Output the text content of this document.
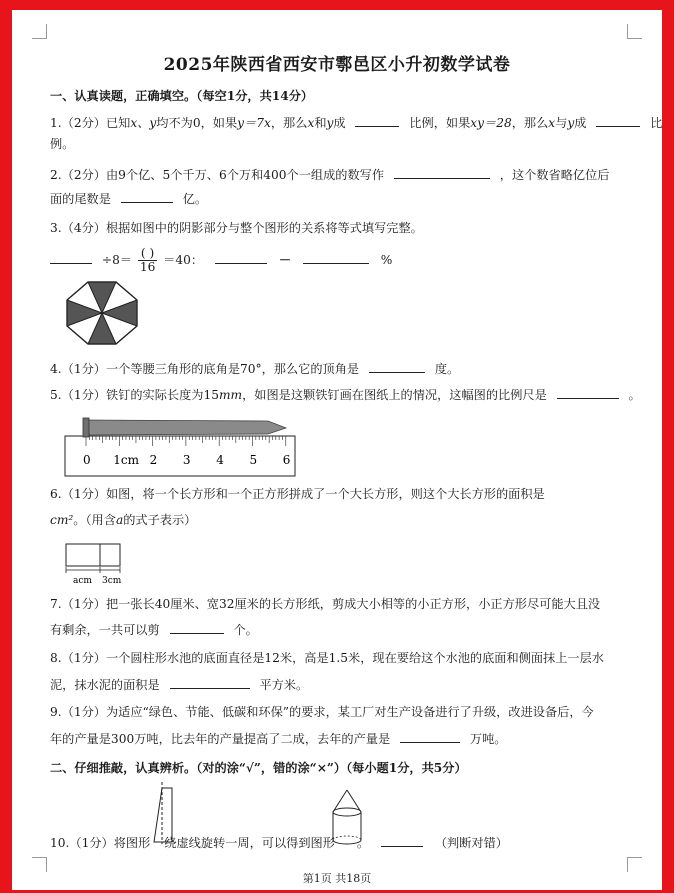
2025年陕西省西安市鄠邑区小升初数学试卷
一、认真读题，正确填空。（每空1分，共14分）
1.（2分）已知x、y均不为0，如果y＝7x，那么x和y成	比例，如果xy＝28，那么x与y成	比
例。
2.（2分）由9个亿、5个千万、6个万和400个一组成的数写作	，这个数省略亿位后
面的尾数是	亿。
3.（4分）根据如图中的阴影部分与整个图形的关系将等式填写完整。
$\div 8= \frac{( )}{16} =40$：	－	%
4.（1分）一个等腰三角形的底角是70°，那么它的顶角是	度。
5.（1分）铁钉的实际长度为15mm，如图是这颗铁钉画在图纸上的情况，这幅图的比例尺是	。
0 1cm 2 3 4 5 6
6.（1分）如图，将一个长方形和一个正方形拼成了一个大长方形，则这个大长方形的面积是
cm²。（用含a的式子表示）
acm 3cm
7.（1分）把一张长40厘米、宽32厘米的长方形纸，剪成大小相等的小正方形，小正方形尽可能大且没
有剩余，一共可以剪	个。
8.（1分）一个圆柱形水池的底面直径是12米，高是1.5米，现在要给这个水池的底面和侧面抹上一层水
泥，抹水泥的面积是	平方米。
9.（1分）为适应“绿色、节能、低碳和环保”的要求，某工厂对生产设备进行了升级，改进设备后，今
年的产量是300万吨，比去年的产量提高了二成，去年的产量是	万吨。
二、仔细推敲，认真辨析。（对的涂“√”，错的涂“×”）（每小题1分，共5分）
10.（1分）将图形 绕虚线旋转一周，可以得到图形 。	（判断对错）
第1页 共18页
